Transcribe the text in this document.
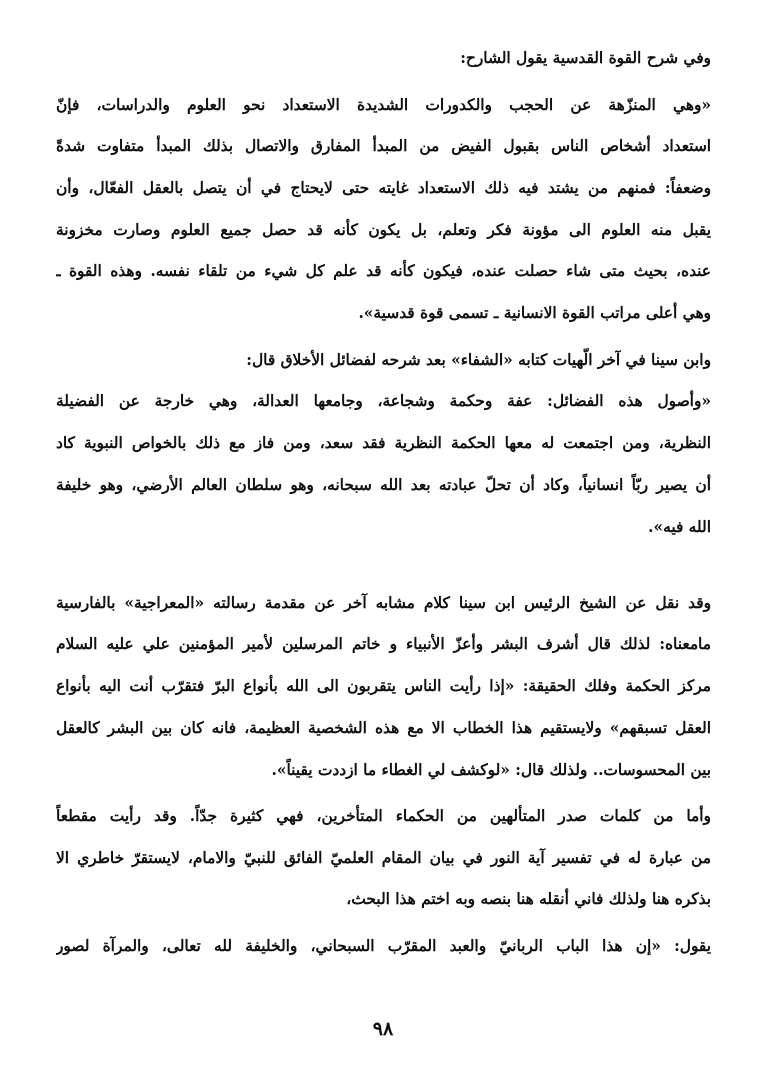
وفي شرح القوة القدسية يقول الشارح:
«وهي المنزّهة عن الحجب والكدورات الشديدة الاستعداد نحو العلوم والدراسات، فإنّ
استعداد أشخاص الناس بقبول الفيض من المبدأ المفارق والاتصال بذلك المبدأ متفاوت شدةً
وضعفاً: فمنهم من يشتد فيه ذلك الاستعداد غايته حتى لايحتاج في أن يتصل بالعقل الفعّال، وأن
يقبل منه العلوم الى مؤونة فكر وتعلم، بل يكون كأنه قد حصل جميع العلوم وصارت مخزونة
عنده، بحيث متى شاء حصلت عنده، فيكون كأنه قد علم كل شيء من تلقاء نفسه. وهذه القوة ـ
وهي أعلى مراتب القوة الانسانية ـ تسمى قوة قدسية».
وابن سينا في آخر الّهيات كتابه «الشفاء» بعد شرحه لفضائل الأخلاق قال:
«وأصول هذه الفضائل: عفة وحكمة وشجاعة، وجامعها العدالة، وهي خارجة عن الفضيلة
النظرية، ومن اجتمعت له معها الحكمة النظرية فقد سعد، ومن فاز مع ذلك بالخواص النبوية كاد
أن يصير ربّاً انسانياً، وكاد أن تحلّ عبادته بعد الله سبحانه، وهو سلطان العالم الأرضي، وهو خليفة
الله فيه».
وقد نقل عن الشيخ الرئيس ابن سينا كلام مشابه آخر عن مقدمة رسالته «المعراجية» بالفارسية
مامعناه: لذلك قال أشرف البشر وأعزّ الأنبياء و خاتم المرسلين لأمير المؤمنين علي عليه السلام
مركز الحكمة وفلك الحقيقة: «إذا رأيت الناس يتقربون الى الله بأنواع البرّ فتقرّب أنت اليه بأنواع
العقل تسبقهم» ولايستقيم هذا الخطاب الا مع هذه الشخصية العظيمة، فانه كان بين البشر كالعقل
بين المحسوسات.. ولذلك قال: «لوكشف لي الغطاء ما ازددت يقيناً».
وأما من كلمات صدر المتألهين من الحكماء المتأخرين، فهي كثيرة جدّاً. وقد رأيت مقطعاً
من عبارة له في تفسير آية النور في بيان المقام العلميّ الفائق للنبيّ والامام، لايستقرّ خاطري الا
بذكره هنا ولذلك فاني أنقله هنا بنصه وبه اختم هذا البحث،
يقول: «إن هذا الباب الربانيّ والعبد المقرّب السبحاني، والخليفة لله تعالى، والمرآة لصور
٩٨
